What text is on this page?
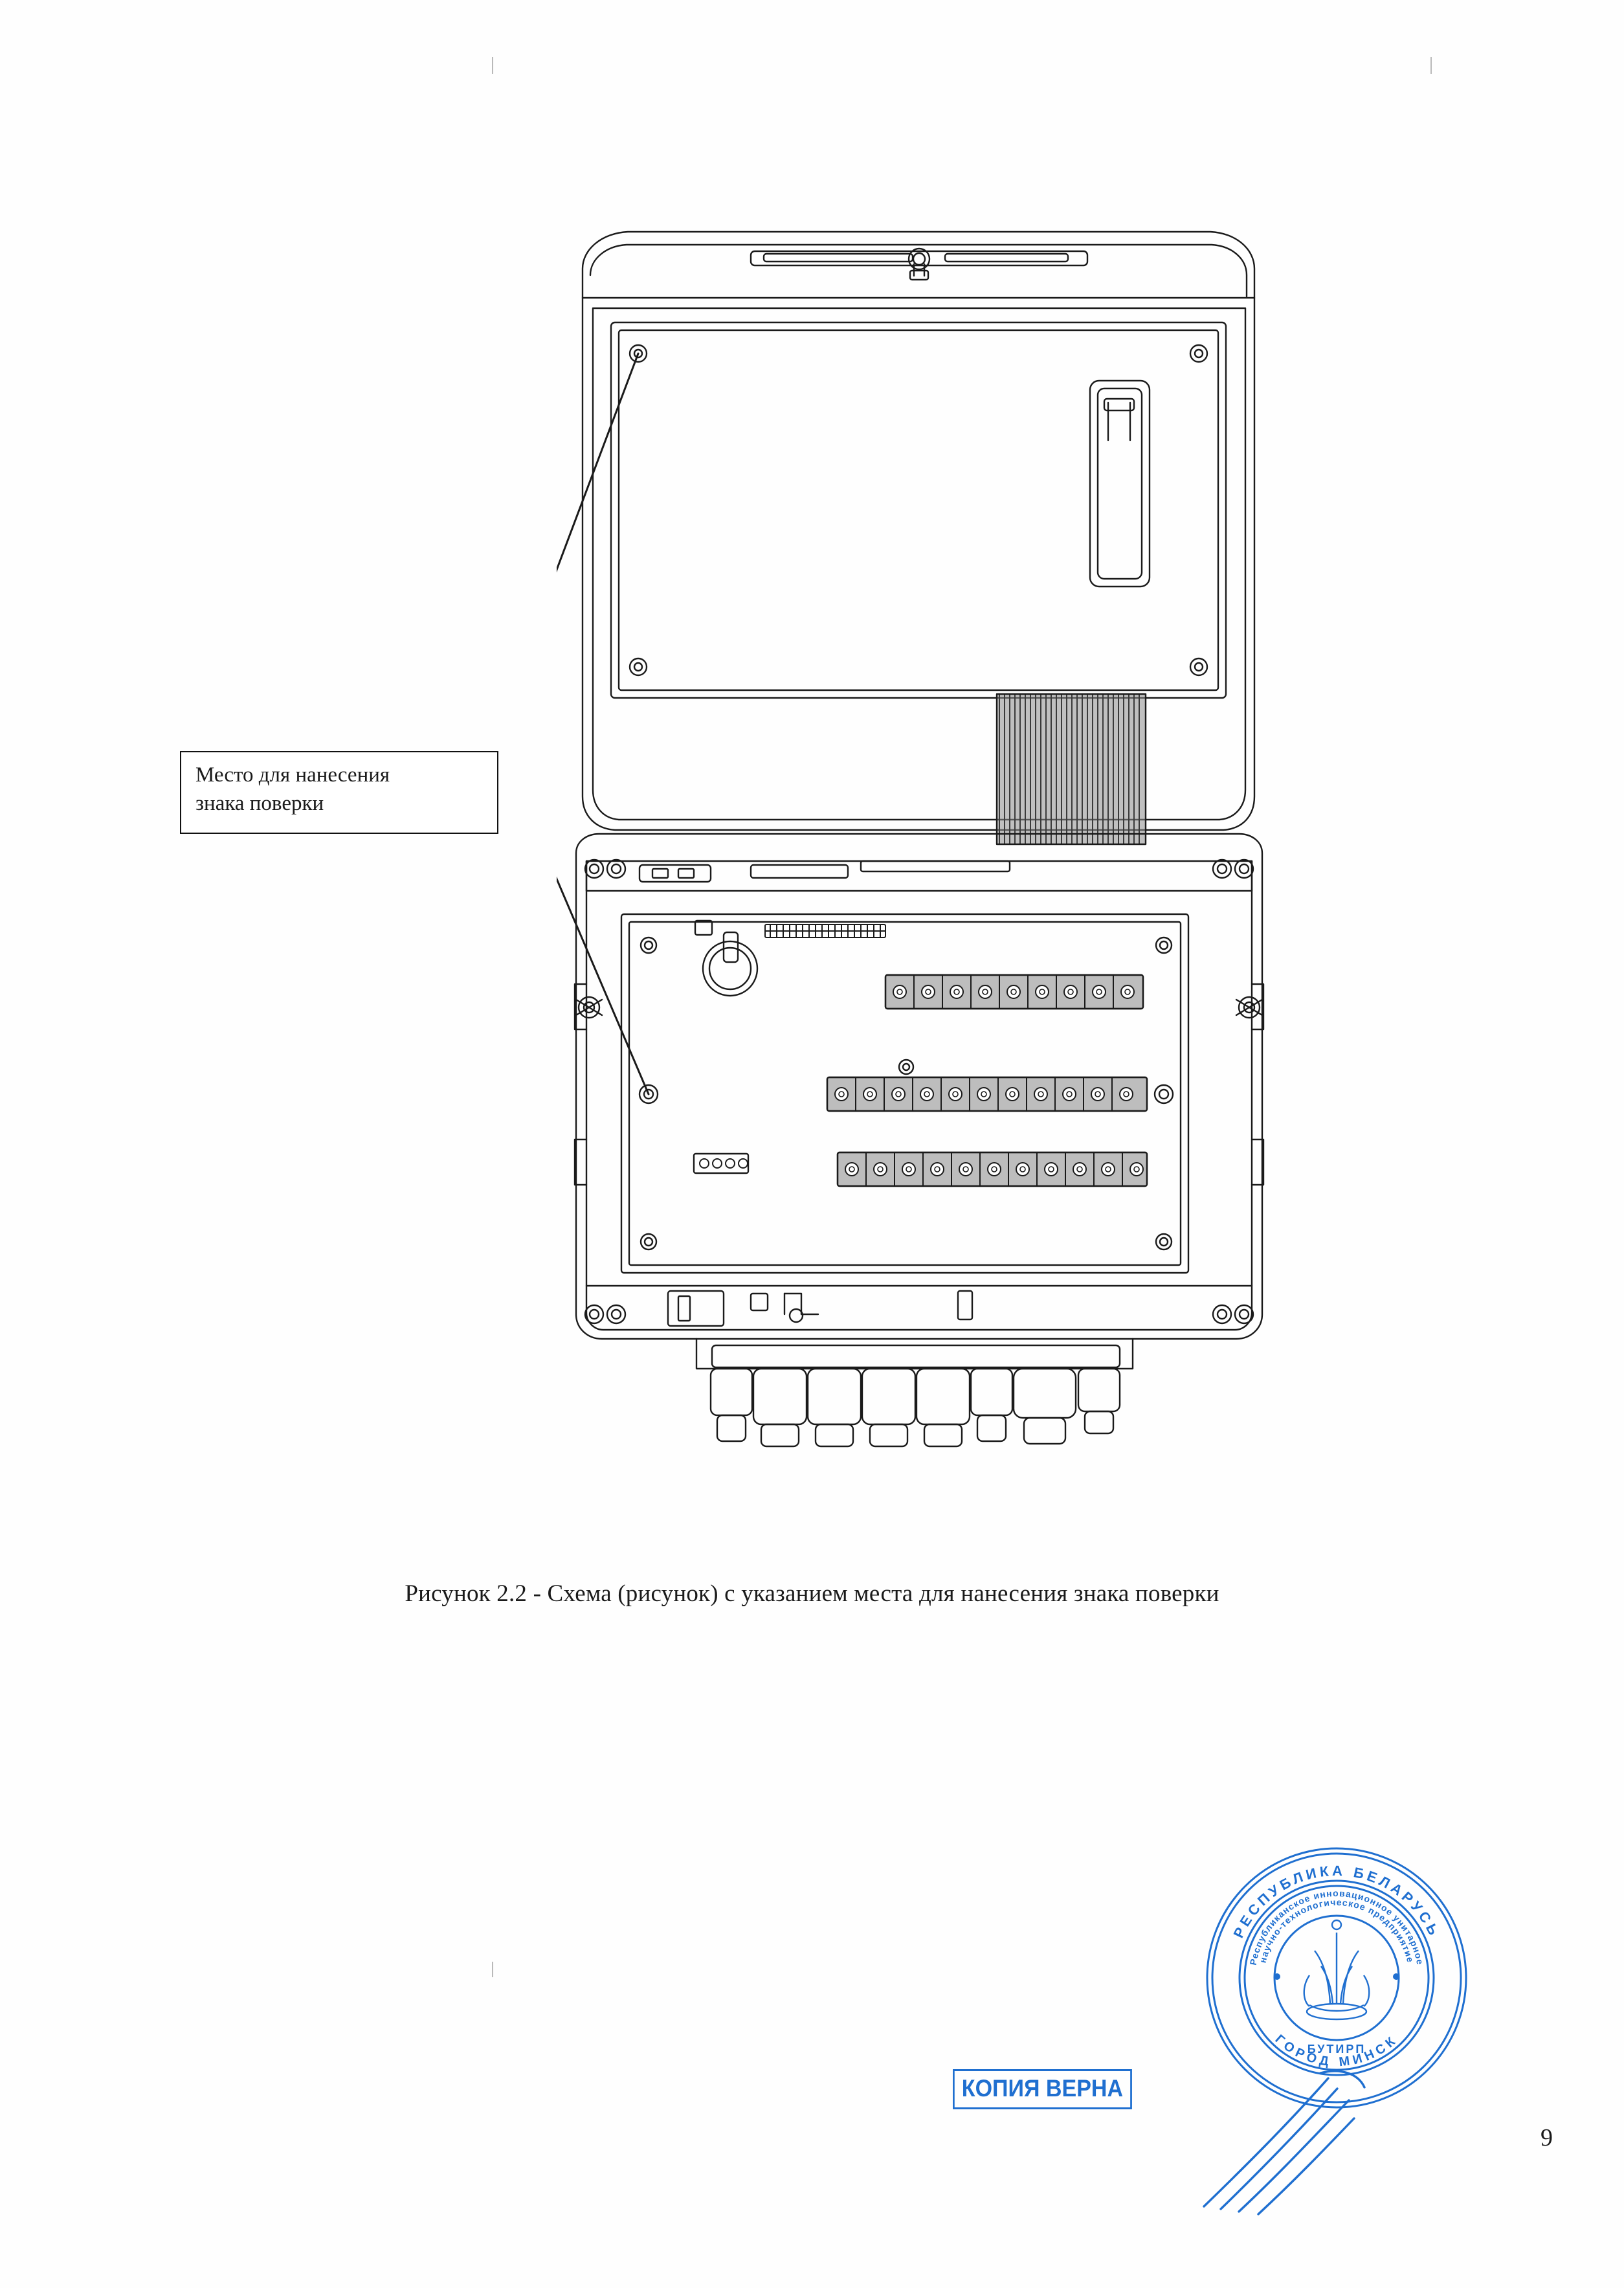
Место для нанесения
знака поверки
Рисунок 2.2 - Схема (рисунок) с указанием места для нанесения знака поверки
РЕСПУБЛИКА БЕЛАРУСЬ
ГОРОД МИНСК
Республиканское инновационное унитарное
научно-технологическое предприятие
БУТИРП
КОПИЯ ВЕРНА
9
